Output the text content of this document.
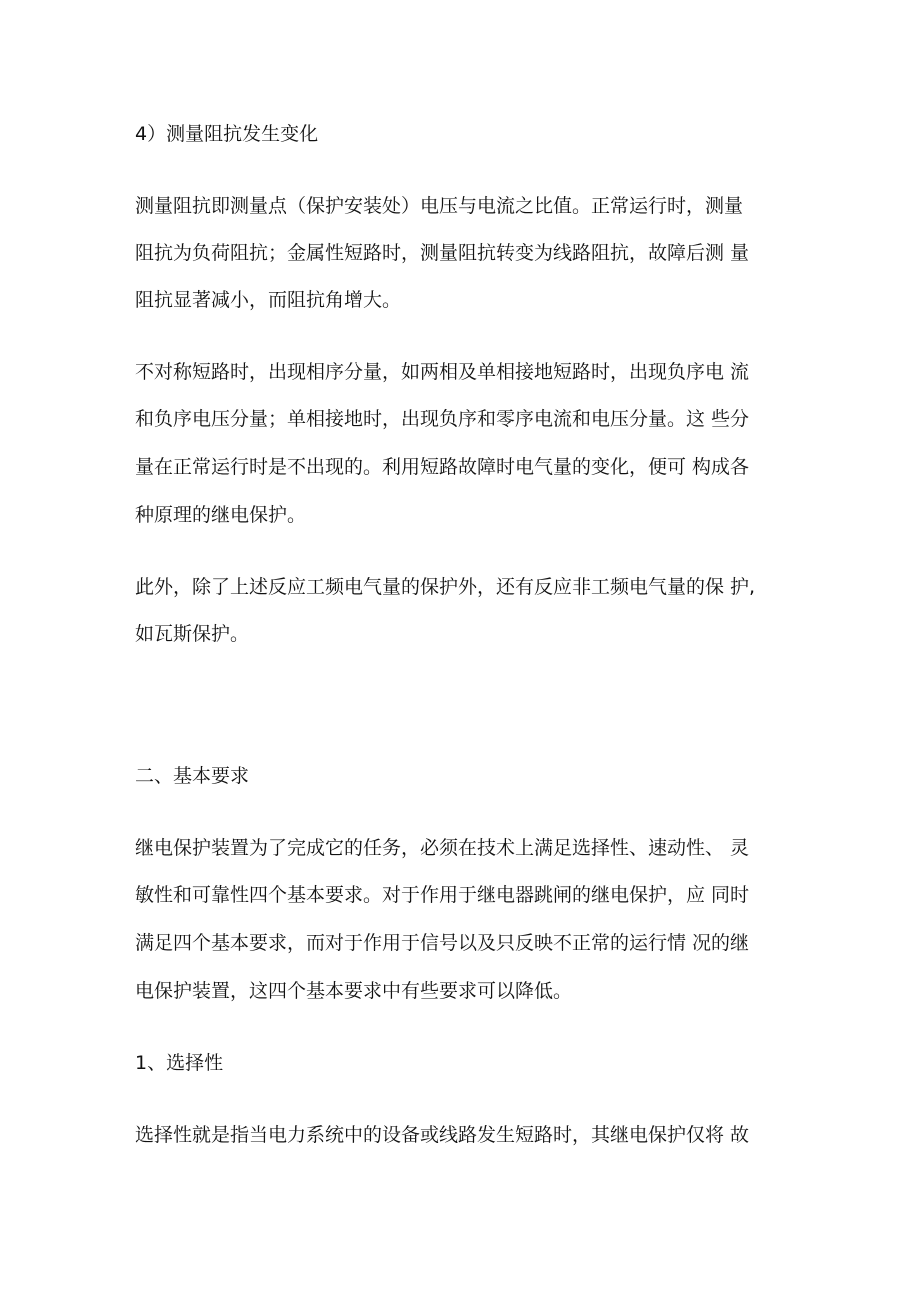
4）测量阻抗发生变化

测量阻抗即测量点（保护安装处）电压与电流之比值。正常运行时，测量

阻抗为负荷阻抗；金属性短路时，测量阻抗转变为线路阻抗，故障后测 量

阻抗显著减小，而阻抗角增大。

不对称短路时，出现相序分量，如两相及单相接地短路时，出现负序电 流

和负序电压分量；单相接地时，出现负序和零序电流和电压分量。这 些分

量在正常运行时是不出现的。利用短路故障时电气量的变化，便可 构成各

种原理的继电保护。

此外，除了上述反应工频电气量的保护外，还有反应非工频电气量的保 护,

如瓦斯保护。

二、基本要求

继电保护装置为了完成它的任务，必须在技术上满足选择性、速动性、 灵

敏性和可靠性四个基本要求。对于作用于继电器跳闸的继电保护，应 同时

满足四个基本要求，而对于作用于信号以及只反映不正常的运行情 况的继

电保护装置，这四个基本要求中有些要求可以降低。

1、选择性

选择性就是指当电力系统中的设备或线路发生短路时，其继电保护仅将 故
